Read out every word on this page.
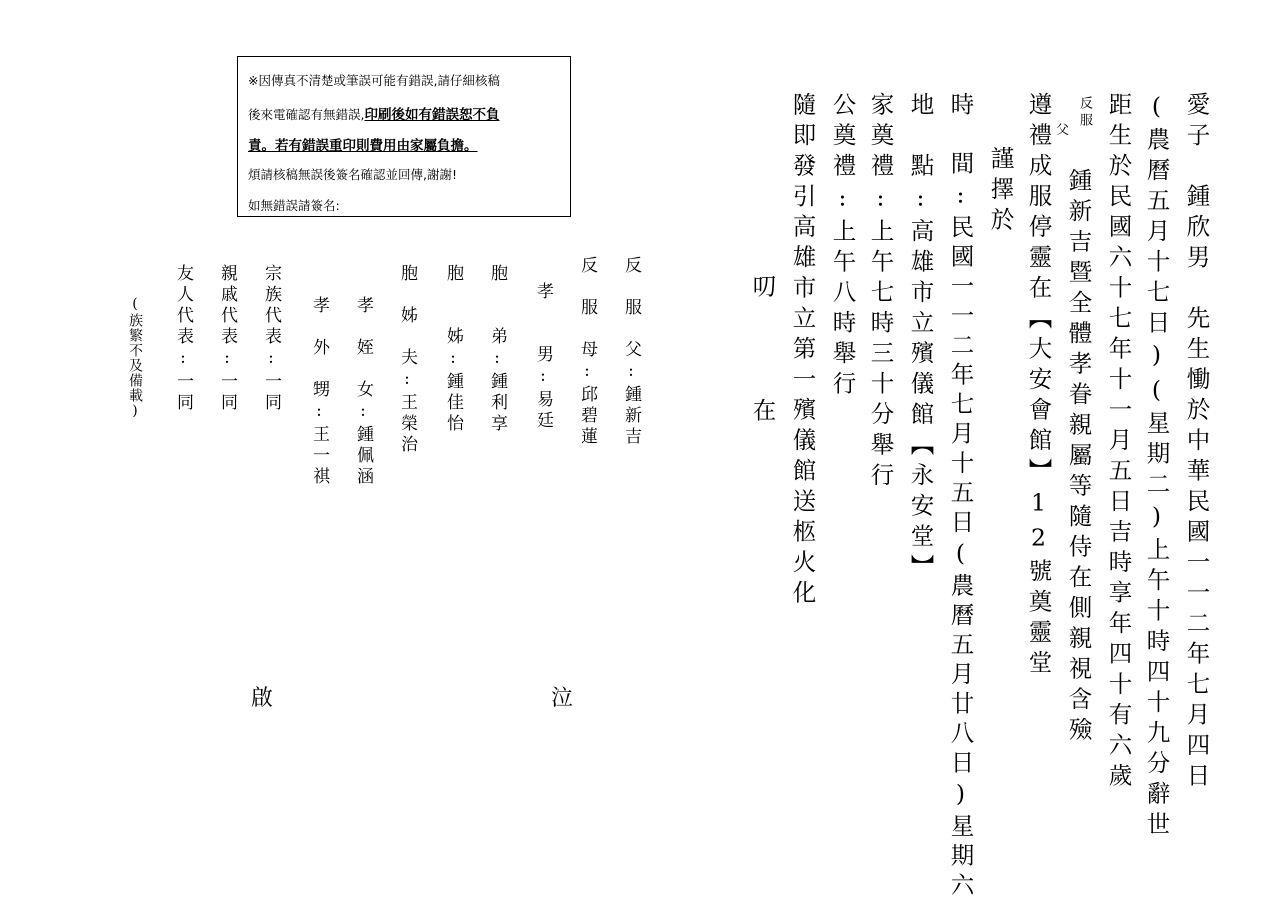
※因傳真不清楚或筆誤可能有錯誤,請仔細核稿
後來電確認有無錯誤,印刷後如有錯誤恕不負
責。若有錯誤重印則費用由家屬負擔。
煩請核稿無誤後簽名確認並回傳,謝謝!
如無錯誤請簽名:	愛子　鍾欣男　先生慟於中華民國一一二年七月四日
(農曆五月十七日)(星期二)上午十時四十九分辭世
距生於民國六十七年十一月五日吉時享年四十有六歲
反服
父
鍾新吉暨全體孝眷親屬等隨侍在側親視含殮
遵禮成服停靈在【大安會館】12號奠靈堂
謹擇於
時　間:民國一一二年七月十五日(農曆五月廿八日)星期六
地　點:高雄市立殯儀館【永安堂】
家奠禮:上午七時三十分舉行
公奠禮:上午八時舉行
隨即發引高雄市立第一殯儀館送柩火化
叨
在
反　服　父:鍾新吉
反　服　母:邱碧蓮
孝　　男:易廷
胞　　弟:鍾利享
胞　　姊:鍾佳怡
胞　姊　夫:王榮治
孝　姪　女:鍾佩涵
孝　外　甥:王一祺
宗族代表:一同
親戚代表:一同
友人代表:一同
(族繁不及備載)
啟	泣
